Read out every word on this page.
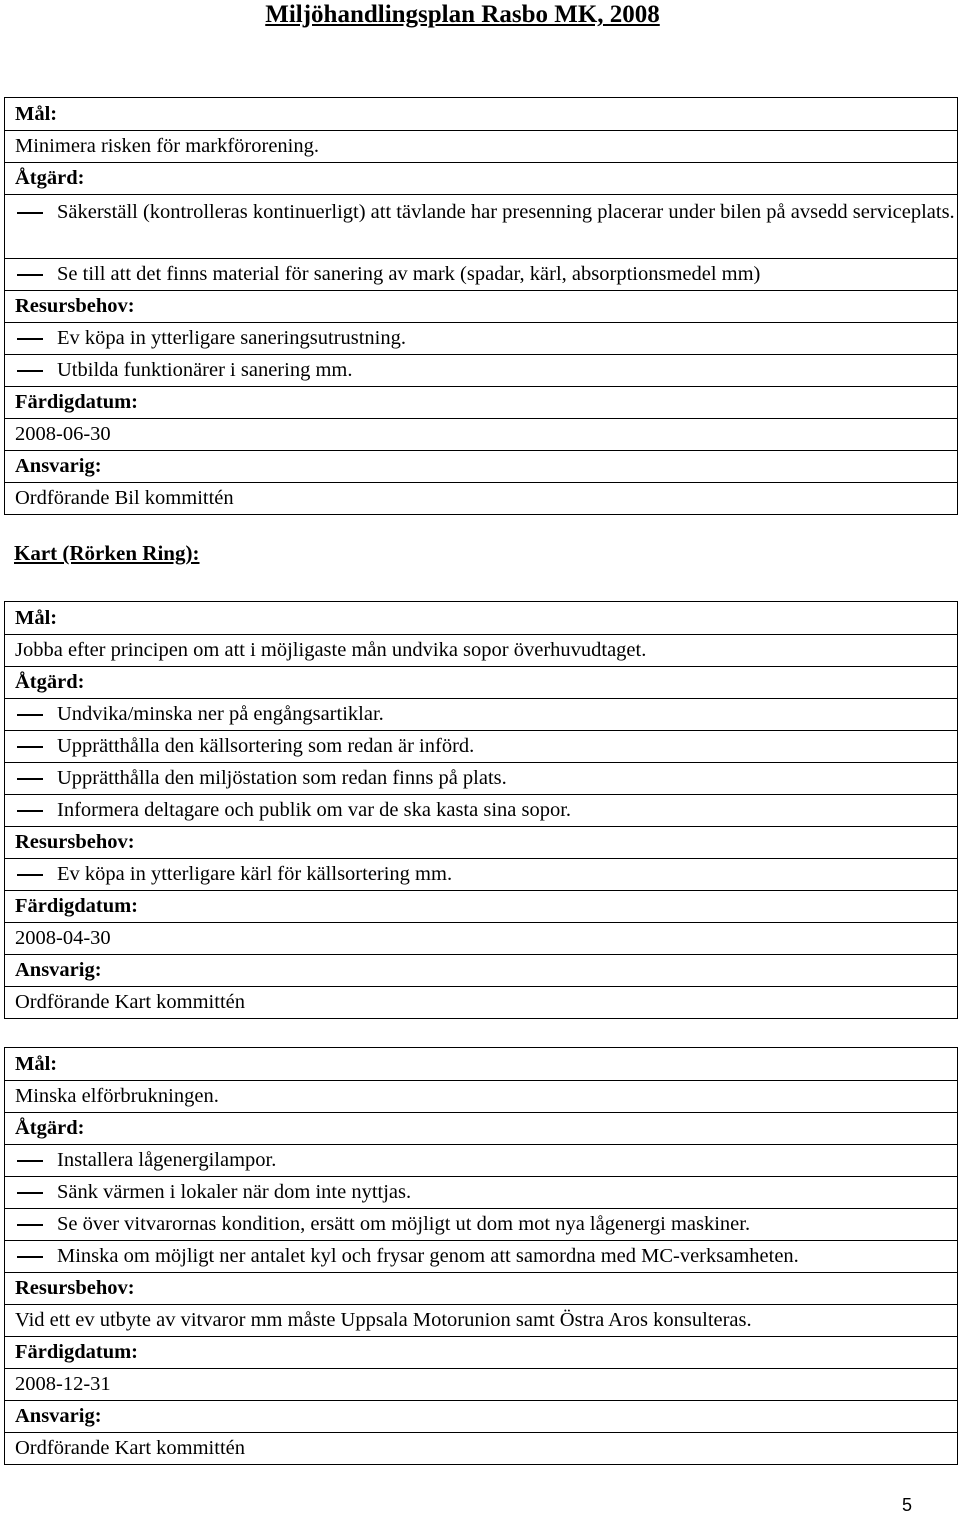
Miljöhandlingsplan Rasbo MK, 2008
Mål:
Minimera risken för markförorening.
Åtgärd:
Säkerställ (kontrolleras kontinuerligt) att tävlande har presenning placerar under bilen på avsedd serviceplats.
Se till att det finns material för sanering av mark (spadar, kärl, absorptionsmedel mm)
Resursbehov:
Ev köpa in ytterligare saneringsutrustning.
Utbilda funktionärer i sanering mm.
Färdigdatum:
2008-06-30
Ansvarig:
Ordförande Bil kommittén
Kart (Rörken Ring):
Mål:
Jobba efter principen om att i möjligaste mån undvika sopor överhuvudtaget.
Åtgärd:
Undvika/minska ner på engångsartiklar.
Upprätthålla den källsortering som redan är införd.
Upprätthålla den miljöstation som redan finns på plats.
Informera deltagare och publik om var de ska kasta sina sopor.
Resursbehov:
Ev köpa in ytterligare kärl för källsortering mm.
Färdigdatum:
2008-04-30
Ansvarig:
Ordförande Kart kommittén
Mål:
Minska elförbrukningen.
Åtgärd:
Installera lågenergilampor.
Sänk värmen i lokaler när dom inte nyttjas.
Se över vitvarornas kondition, ersätt om möjligt ut dom mot nya lågenergi maskiner.
Minska om möjligt ner antalet kyl och frysar genom att samordna med MC-verksamheten.
Resursbehov:
Vid ett ev utbyte av vitvaror mm måste Uppsala Motorunion samt Östra Aros konsulteras.
Färdigdatum:
2008-12-31
Ansvarig:
Ordförande Kart kommittén
5
